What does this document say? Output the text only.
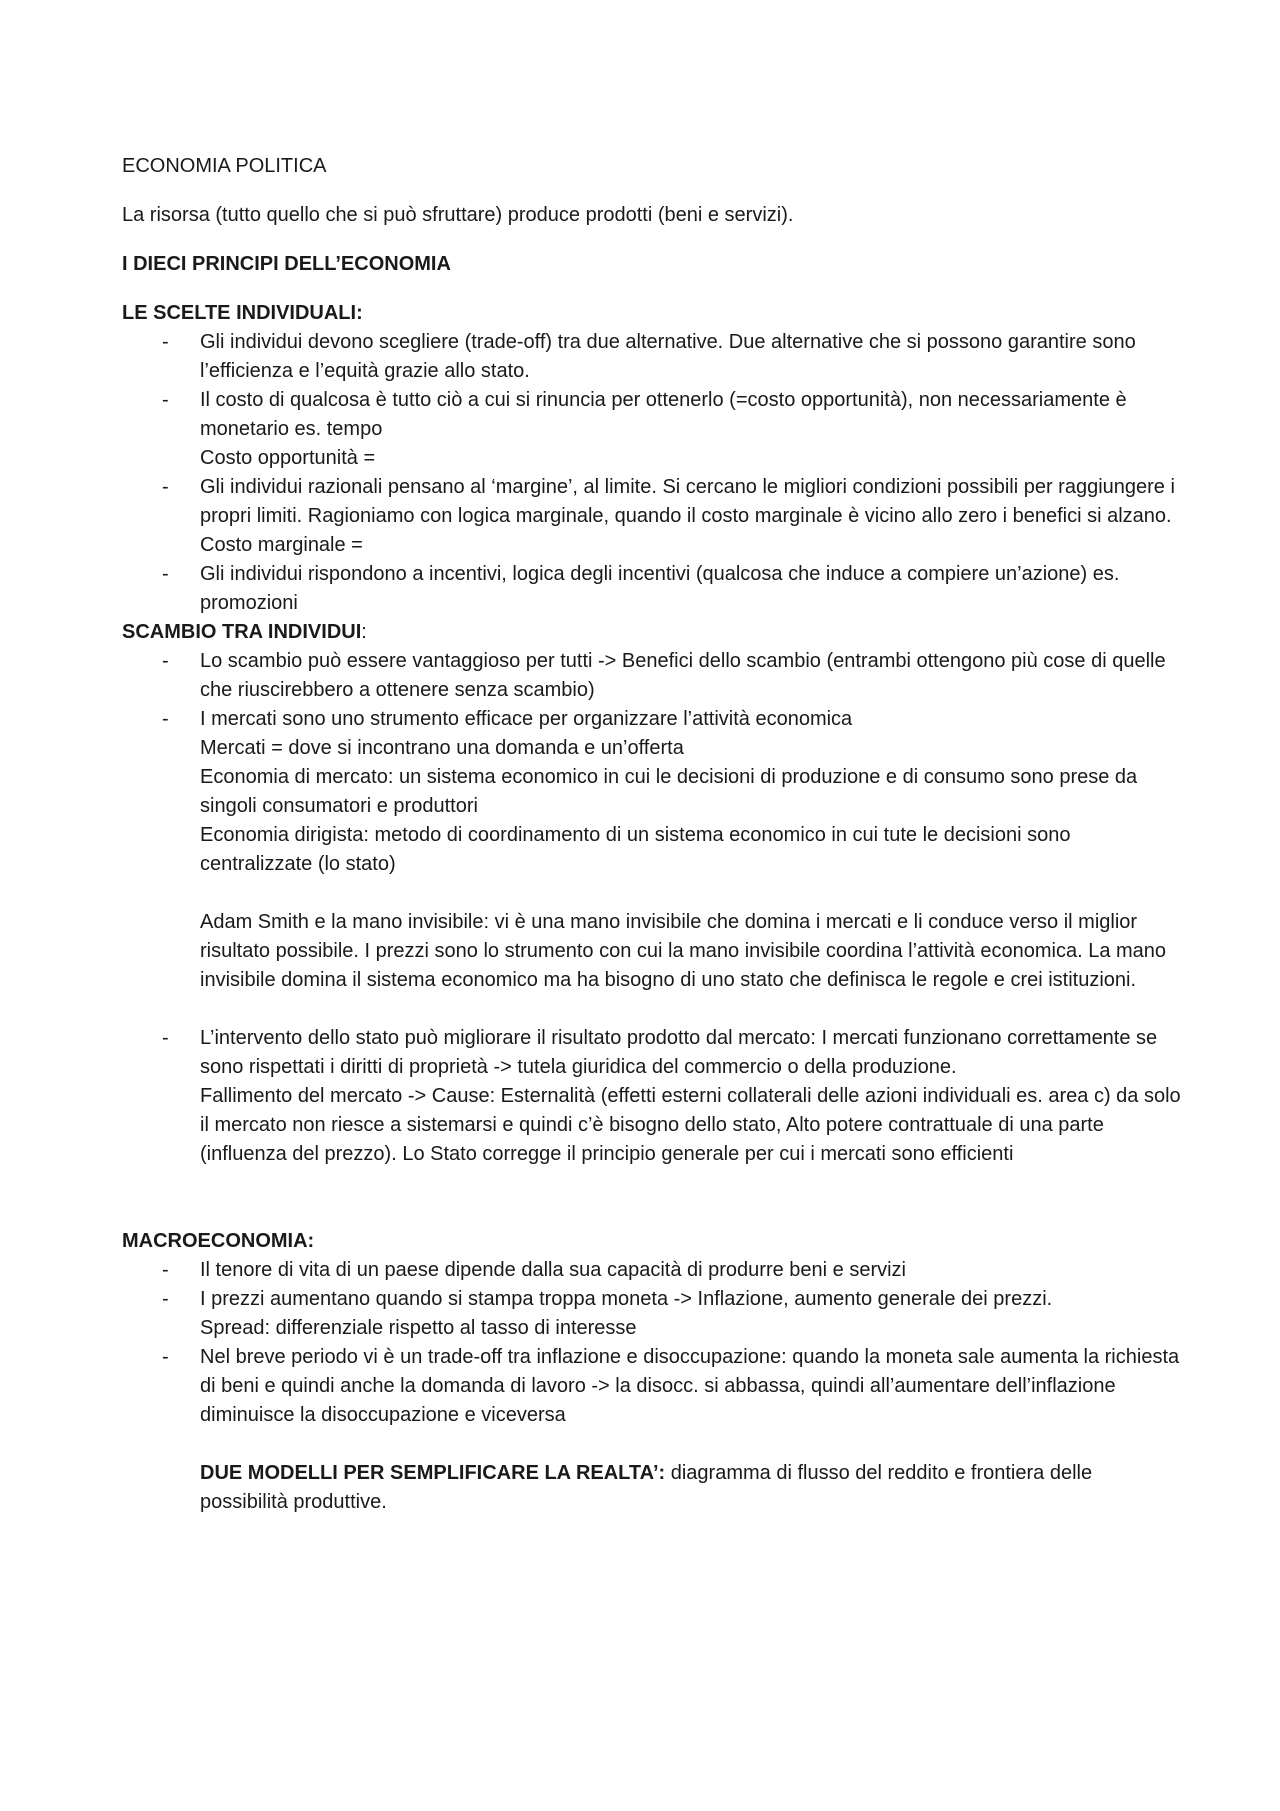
ECONOMIA POLITICA

La risorsa (tutto quello che si può sfruttare) produce prodotti (beni e servizi).

I DIECI PRINCIPI DELL’ECONOMIA

LE SCELTE INDIVIDUALI:

- Gli individui devono scegliere (trade-off) tra due alternative. Due alternative che si possono garantire sono l’efficienza e l’equità grazie allo stato.
- Il costo di qualcosa è tutto ciò a cui si rinuncia per ottenerlo (=costo opportunità), non necessariamente è monetario es. tempo
Costo opportunità =
- Gli individui razionali pensano al ‘margine’, al limite. Si cercano le migliori condizioni possibili per raggiungere i propri limiti. Ragioniamo con logica marginale, quando il costo marginale è vicino allo zero i benefici si alzano. Costo marginale =
- Gli individui rispondono a incentivi, logica degli incentivi (qualcosa che induce a compiere un’azione) es. promozioni

SCAMBIO TRA INDIVIDUI:

- Lo scambio può essere vantaggioso per tutti -> Benefici dello scambio (entrambi ottengono più cose di quelle che riuscirebbero a ottenere senza scambio)
- I mercati sono uno strumento efficace per organizzare l’attività economica
Mercati = dove si incontrano una domanda e un’offerta
Economia di mercato: un sistema economico in cui le decisioni di produzione e di consumo sono prese da singoli consumatori e produttori
Economia dirigista: metodo di coordinamento di un sistema economico in cui tute le decisioni sono centralizzate (lo stato)
Adam Smith e la mano invisibile: vi è una mano invisibile che domina i mercati e li conduce verso il miglior risultato possibile. I prezzi sono lo strumento con cui la mano invisibile coordina l’attività economica. La mano invisibile domina il sistema economico ma ha bisogno di uno stato che definisca le regole e crei istituzioni.
- L’intervento dello stato può migliorare il risultato prodotto dal mercato: I mercati funzionano correttamente se sono rispettati i diritti di proprietà -> tutela giuridica del commercio o della produzione.
Fallimento del mercato -> Cause: Esternalità (effetti esterni collaterali delle azioni individuali es. area c) da solo il mercato non riesce a sistemarsi e quindi c’è bisogno dello stato, Alto potere contrattuale di una parte (influenza del prezzo). Lo Stato corregge il principio generale per cui i mercati sono efficienti

MACROECONOMIA:

- Il tenore di vita di un paese dipende dalla sua capacità di produrre beni e servizi
- I prezzi aumentano quando si stampa troppa moneta -> Inflazione, aumento generale dei prezzi.
Spread: differenziale rispetto al tasso di interesse
- Nel breve periodo vi è un trade-off tra inflazione e disoccupazione: quando la moneta sale aumenta la richiesta di beni e quindi anche la domanda di lavoro -> la disocc. si abbassa, quindi all’aumentare dell’inflazione diminuisce la disoccupazione e viceversa
DUE MODELLI PER SEMPLIFICARE LA REALTA’: diagramma di flusso del reddito e frontiera delle possibilità produttive.
